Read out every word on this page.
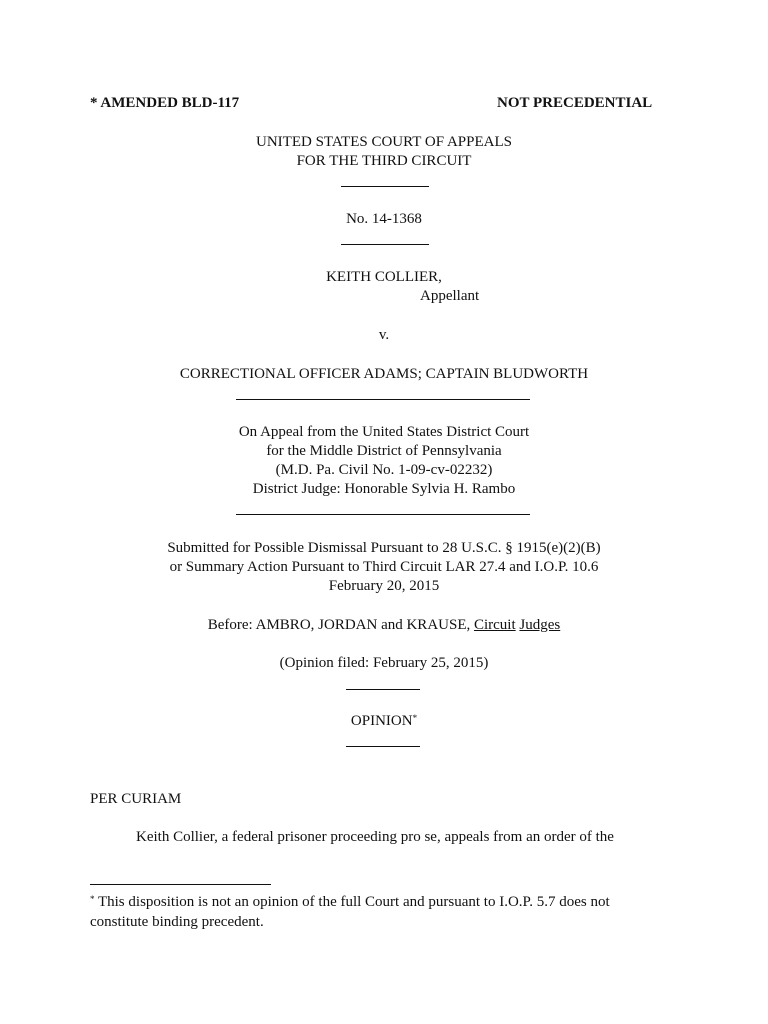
* AMENDED BLD-117	NOT PRECEDENTIAL
UNITED STATES COURT OF APPEALS
FOR THE THIRD CIRCUIT
No. 14-1368
KEITH COLLIER,
Appellant
v.
CORRECTIONAL OFFICER ADAMS; CAPTAIN BLUDWORTH
On Appeal from the United States District Court
for the Middle District of Pennsylvania
(M.D. Pa. Civil No. 1-09-cv-02232)
District Judge: Honorable Sylvia H. Rambo
Submitted for Possible Dismissal Pursuant to 28 U.S.C. § 1915(e)(2)(B)
or Summary Action Pursuant to Third Circuit LAR 27.4 and I.O.P. 10.6
February 20, 2015
Before: AMBRO, JORDAN and KRAUSE, Circuit Judges
(Opinion filed: February 25, 2015)
OPINION*
PER CURIAM
Keith Collier, a federal prisoner proceeding pro se, appeals from an order of the
* This disposition is not an opinion of the full Court and pursuant to I.O.P. 5.7 does not
constitute binding precedent.
